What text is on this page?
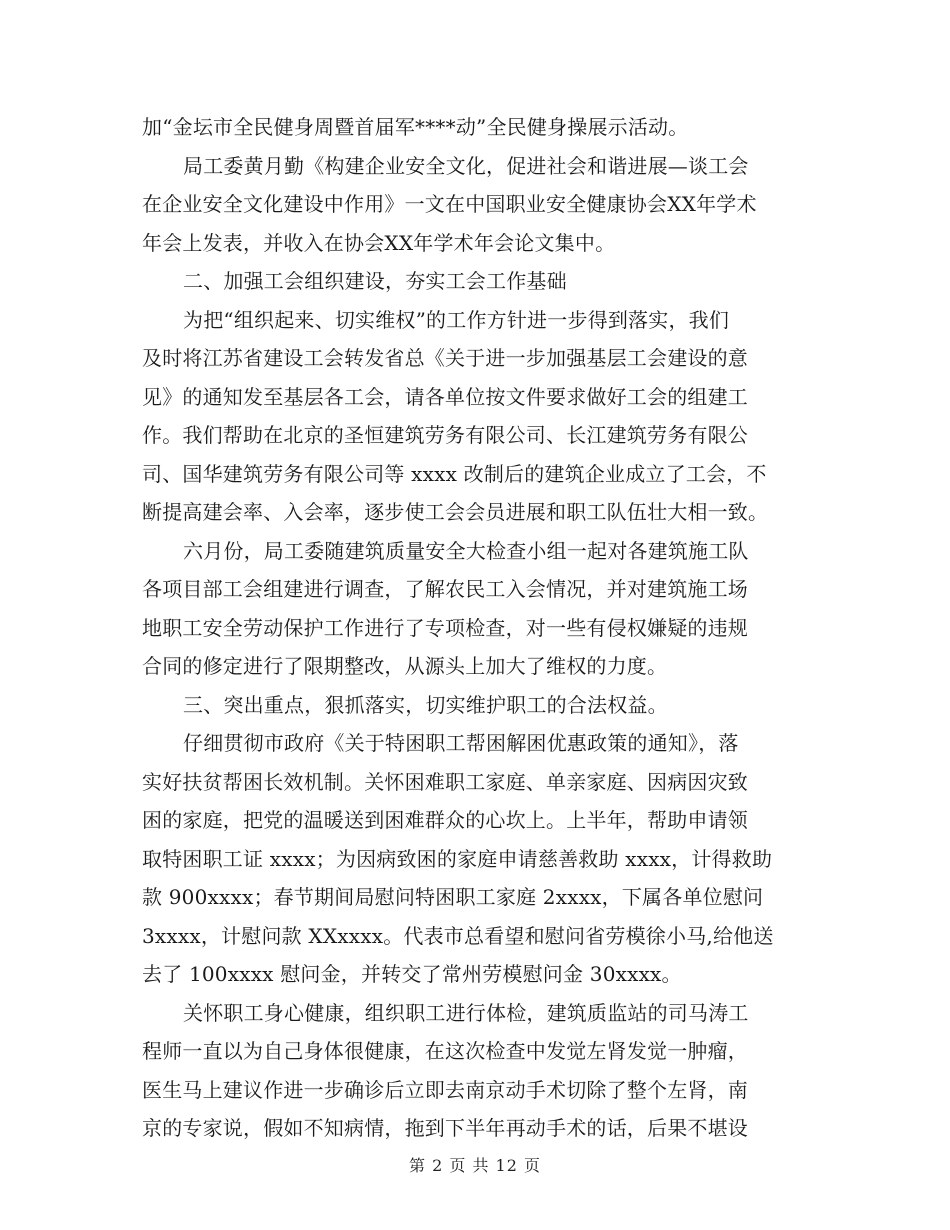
加“金坛市全民健身周暨首届军****动”全民健身操展示活动。
局工委黄月勤《构建企业安全文化，促进社会和谐进展—谈工会
在企业安全文化建设中作用》一文在中国职业安全健康协会XX年学术
年会上发表，并收入在协会XX年学术年会论文集中。
二、加强工会组织建设，夯实工会工作基础
为把“组织起来、切实维权”的工作方针进一步得到落实，我们
及时将江苏省建设工会转发省总《关于进一步加强基层工会建设的意
见》的通知发至基层各工会，请各单位按文件要求做好工会的组建工
作。我们帮助在北京的圣恒建筑劳务有限公司、长江建筑劳务有限公
司、国华建筑劳务有限公司等 xxxx 改制后的建筑企业成立了工会，不
断提高建会率、入会率，逐步使工会会员进展和职工队伍壮大相一致。
六月份，局工委随建筑质量安全大检查小组一起对各建筑施工队
各项目部工会组建进行调查，了解农民工入会情况，并对建筑施工场
地职工安全劳动保护工作进行了专项检查，对一些有侵权嫌疑的违规
合同的修定进行了限期整改，从源头上加大了维权的力度。
三、突出重点，狠抓落实，切实维护职工的合法权益。
仔细贯彻市政府《关于特困职工帮困解困优惠政策的通知》，落
实好扶贫帮困长效机制。关怀困难职工家庭、单亲家庭、因病因灾致
困的家庭，把党的温暖送到困难群众的心坎上。上半年，帮助申请领
取特困职工证 xxxx；为因病致困的家庭申请慈善救助 xxxx，计得救助
款 900xxxx；春节期间局慰问特困职工家庭 2xxxx，下属各单位慰问
3xxxx，计慰问款 XXxxxx。代表市总看望和慰问省劳模徐小马,给他送
去了 100xxxx 慰问金，并转交了常州劳模慰问金 30xxxx。
关怀职工身心健康，组织职工进行体检，建筑质监站的司马涛工
程师一直以为自己身体很健康，在这次检查中发觉左肾发觉一肿瘤，
医生马上建议作进一步确诊后立即去南京动手术切除了整个左肾，南
京的专家说，假如不知病情，拖到下半年再动手术的话，后果不堪设
第 2 页 共 12 页
